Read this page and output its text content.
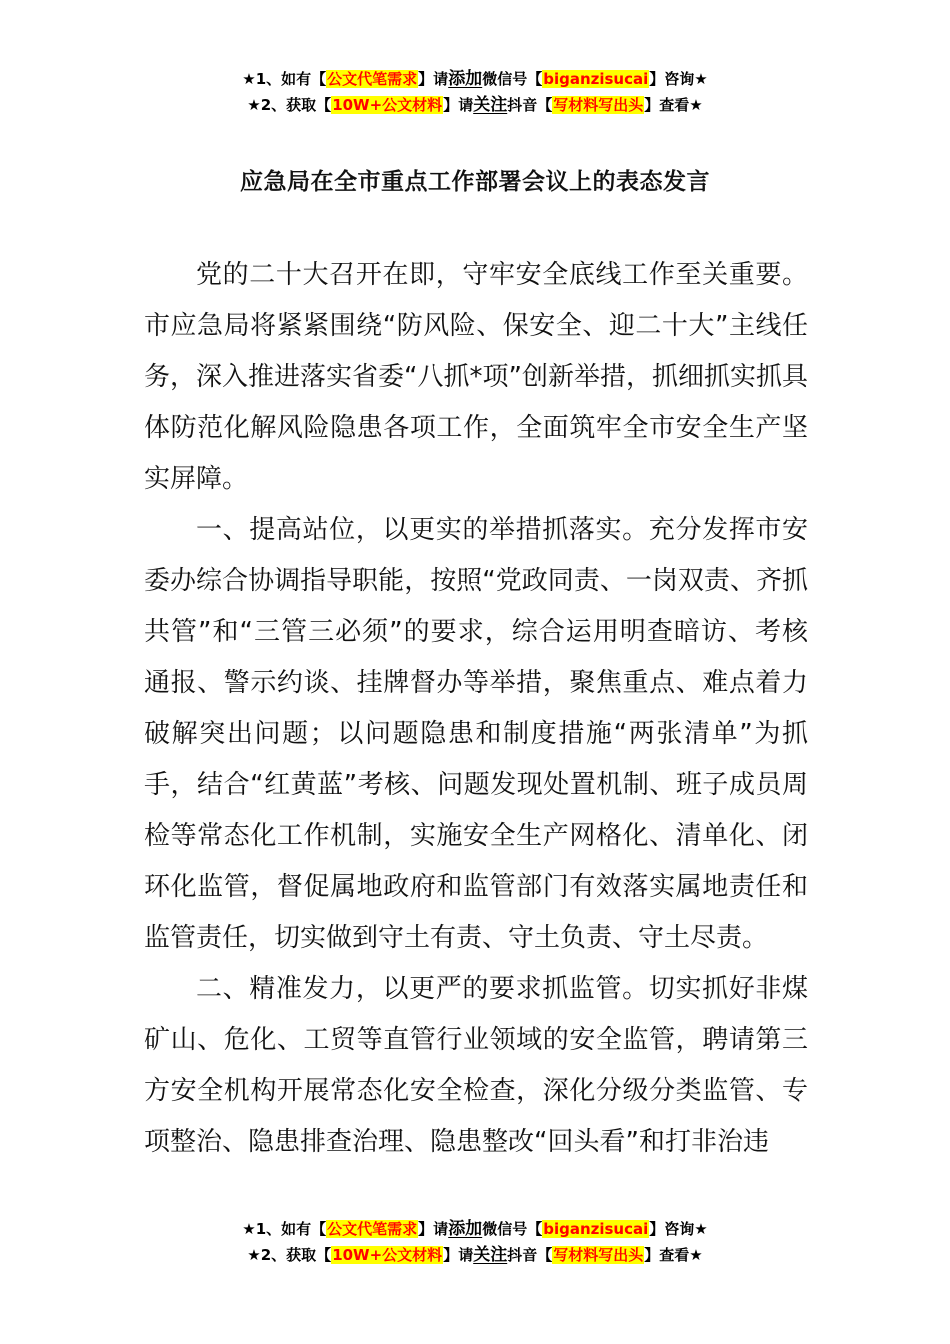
★1、如有【公文代笔需求】请添加微信号【biganzisucai】咨询★
★2、获取【10W+公文材料】请关注抖音【写材料写出头】查看★
应急局在全市重点工作部署会议上的表态发言

党的二十大召开在即，守牢安全底线工作至关重要。市应急局将紧紧围绕“防风险、保安全、迎二十大”主线任务，深入推进落实省委“八抓*项”创新举措，抓细抓实抓具体防范化解风险隐患各项工作，全面筑牢全市安全生产坚实屏障。

一、提高站位，以更实的举措抓落实。充分发挥市安委办综合协调指导职能，按照“党政同责、一岗双责、齐抓共管”和“三管三必须”的要求，综合运用明查暗访、考核通报、警示约谈、挂牌督办等举措，聚焦重点、难点着力破解突出问题；以问题隐患和制度措施“两张清单”为抓手，结合“红黄蓝”考核、问题发现处置机制、班子成员周检等常态化工作机制，实施安全生产网格化、清单化、闭环化监管，督促属地政府和监管部门有效落实属地责任和监管责任，切实做到守土有责、守土负责、守土尽责。

二、精准发力，以更严的要求抓监管。切实抓好非煤矿山、危化、工贸等直管行业领域的安全监管，聘请第三方安全机构开展常态化安全检查，深化分级分类监管、专项整治、隐患排查治理、隐患整改“回头看”和打非治违

★1、如有【公文代笔需求】请添加微信号【biganzisucai】咨询★
★2、获取【10W+公文材料】请关注抖音【写材料写出头】查看★
